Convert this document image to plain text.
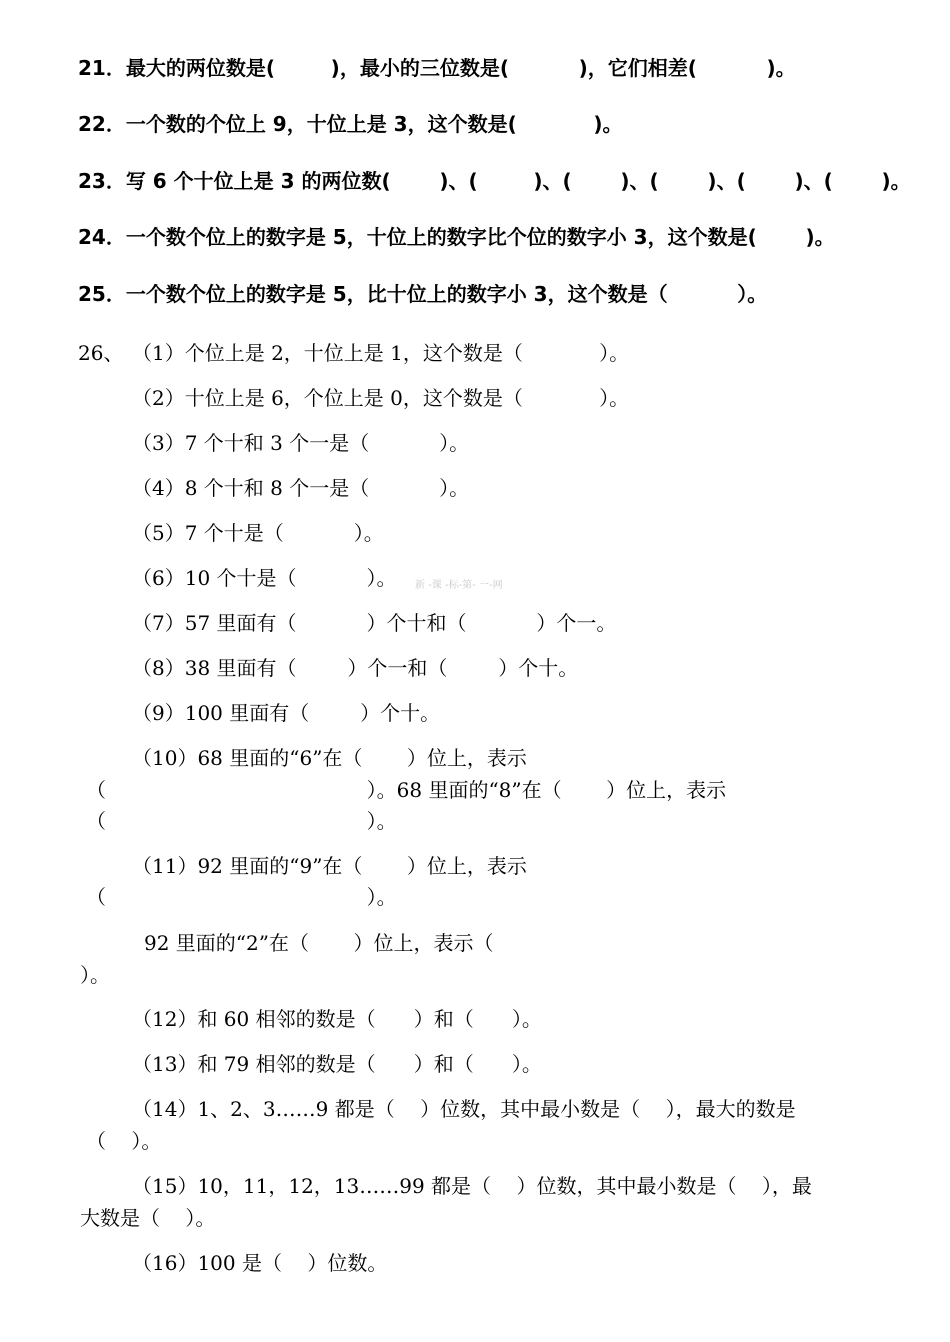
21．最大的两位数是(        )，最小的三位数是(          )，它们相差(          )。
22．一个数的个位上 9，十位上是 3，这个数是(           )。
23．写 6 个十位上是 3 的两位数(       )、(        )、(       )、(       )、(       )、(       )。
24．一个数个位上的数字是 5，十位上的数字比个位的数字小 3，这个数是(       )。
25．一个数个位上的数字是 5，比十位上的数字小 3，这个数是（          ）。
26、 （1）个位上是 2，十位上是 1，这个数是（            ）。
（2）十位上是 6，个位上是 0，这个数是（            ）。
（3）7 个十和 3 个一是（           ）。
（4）8 个十和 8 个一是（           ）。
（5）7 个十是（           ）。
（6）10 个十是（           ）。 新 -课 -标-第- 一-网
（7）57 里面有（           ）个十和（           ）个一。
（8）38 里面有（        ）个一和（        ）个十。
（9）100 里面有（        ）个十。
（10）68 里面的“6”在（       ）位上，表示
（                                         ）。68 里面的“8”在（       ）位上，表示
（                                         ）。
（11）92 里面的“9”在（       ）位上，表示
（                                         ）。
92 里面的“2”在（       ）位上，表示（
）。
（12）和 60 相邻的数是（      ）和（      ）。
（13）和 79 相邻的数是（      ）和（      ）。
（14）1、2、3……9 都是（    ）位数，其中最小数是（    ），最大的数是
（    ）。
（15）10，11，12，13……99 都是（    ）位数，其中最小数是（    ），最
大数是（    ）。
（16）100 是（    ）位数。
